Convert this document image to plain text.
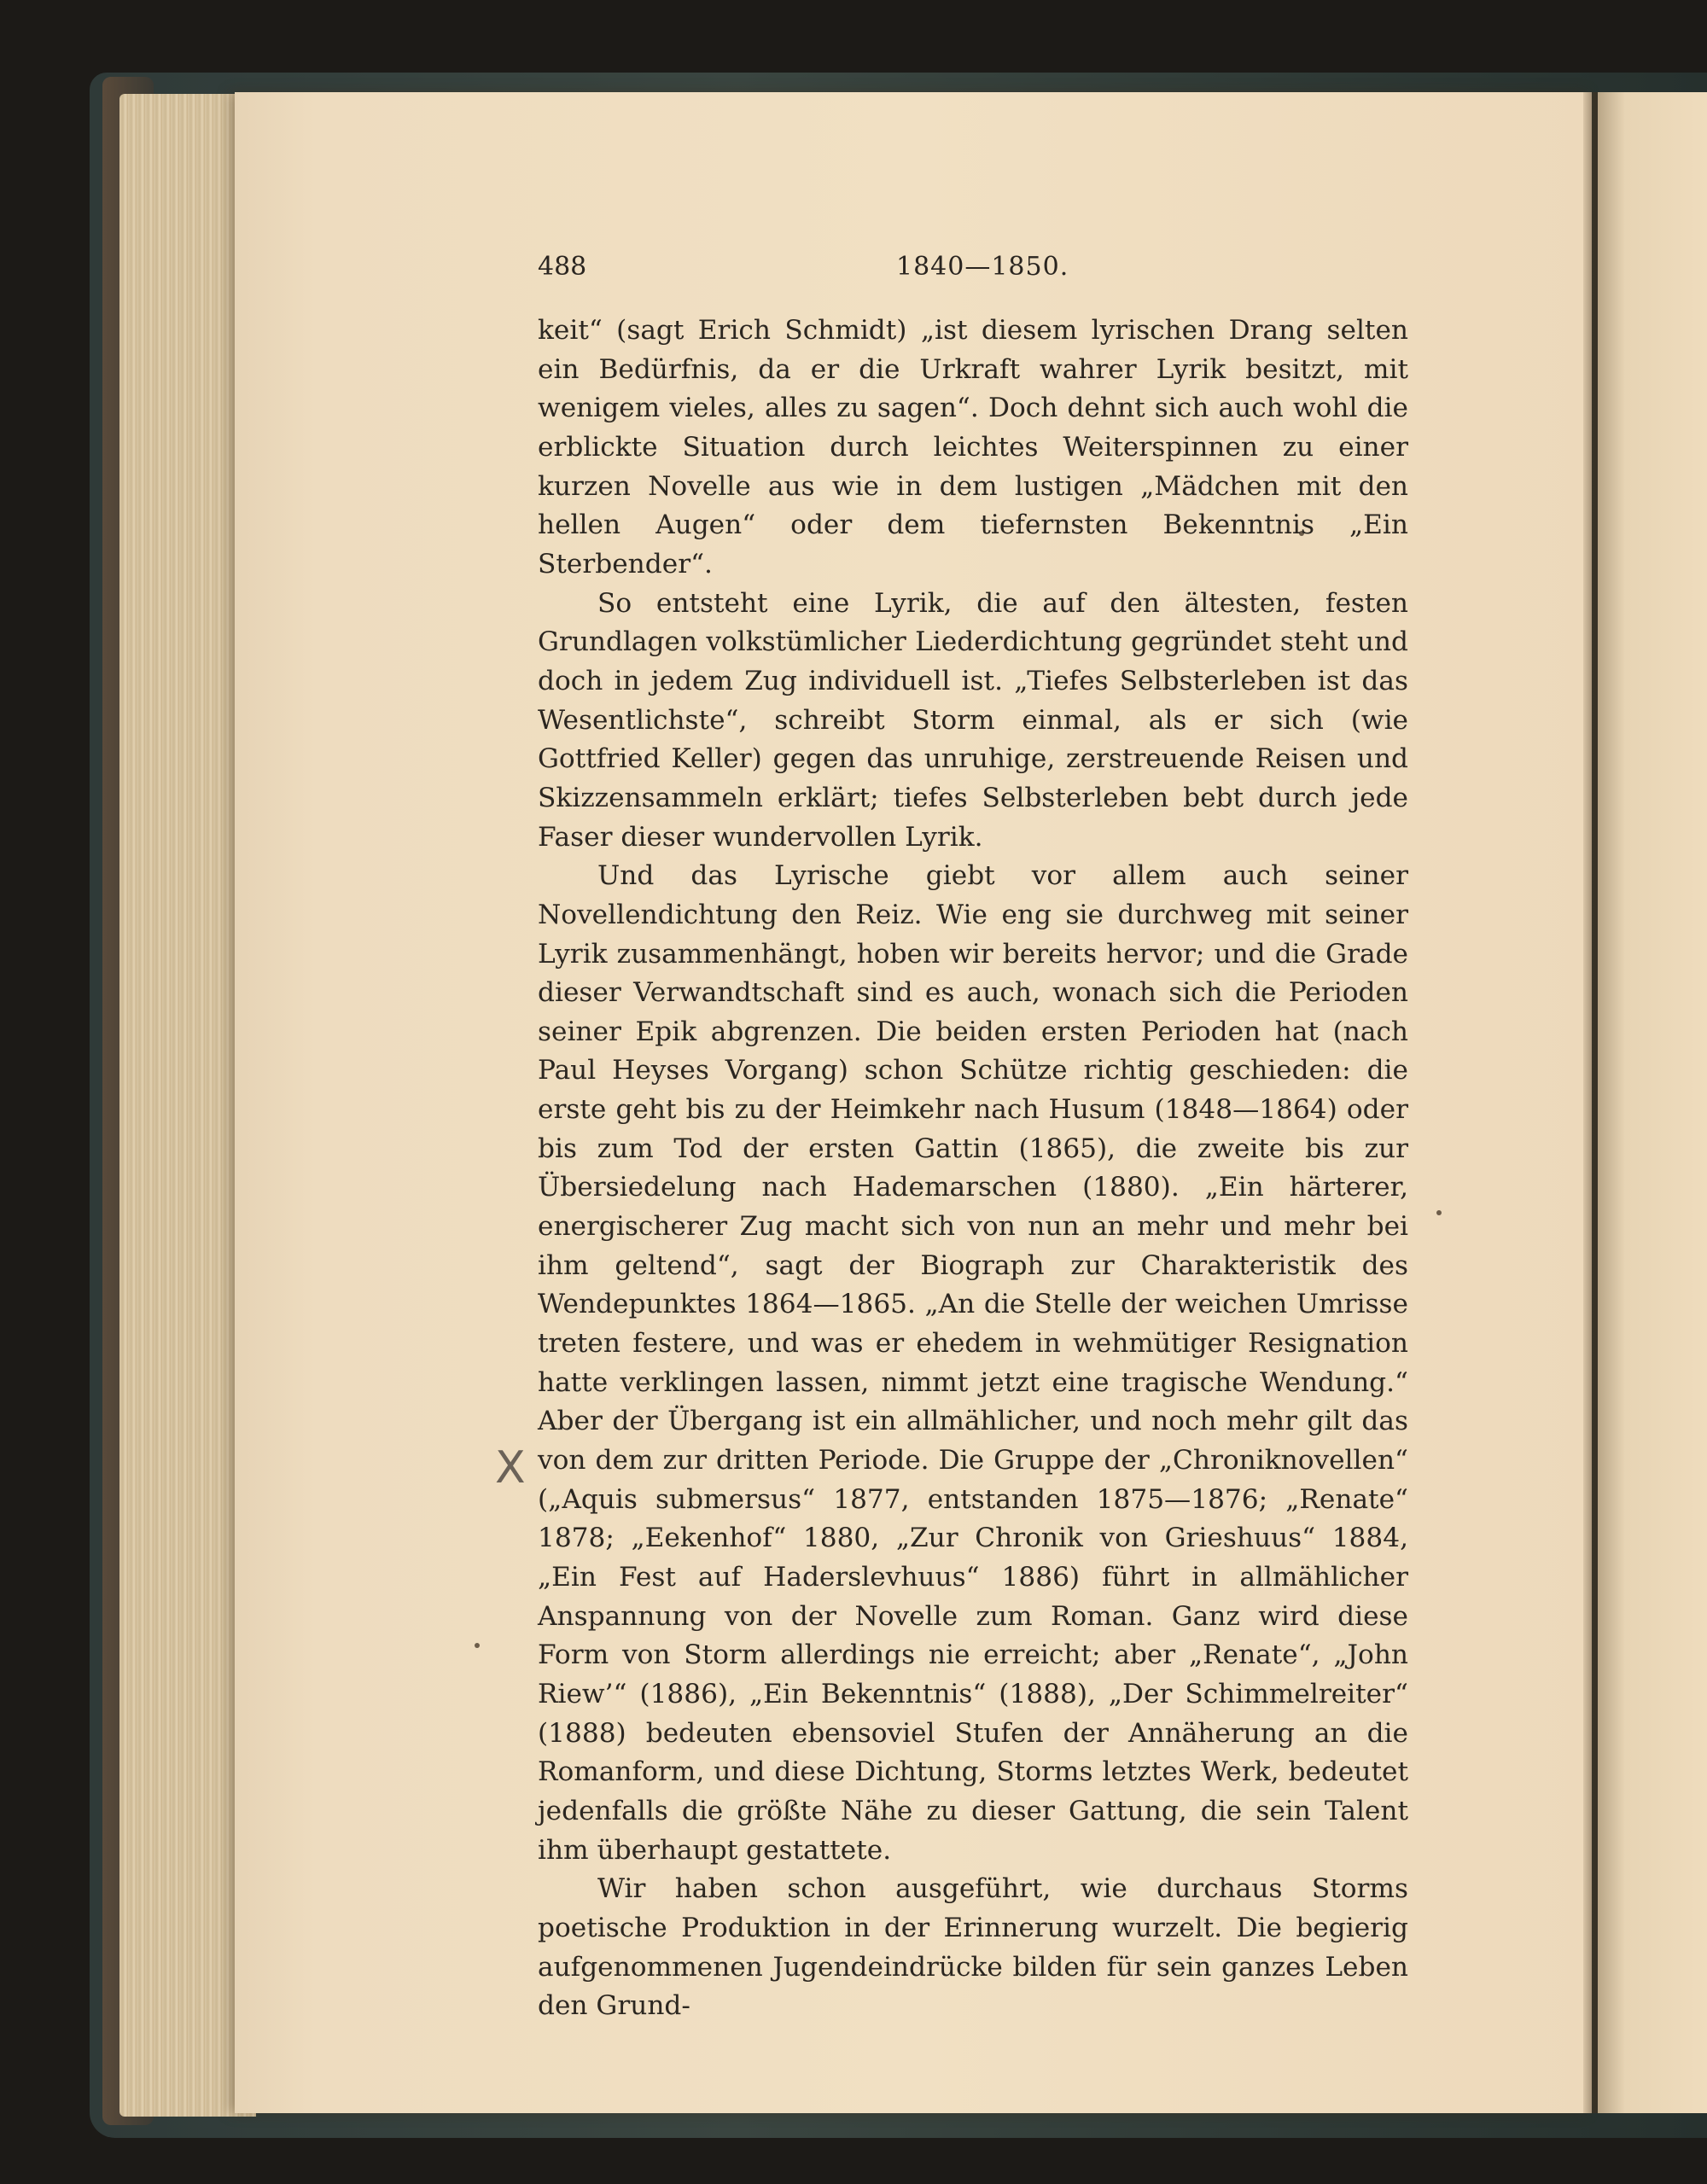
488	1840—1850.
X

keit“ (sagt Erich Schmidt) „ist diesem lyrischen Drang selten ein Bedürfnis, da er die Urkraft wahrer Lyrik besitzt, mit wenigem vieles, alles zu sagen“. Doch dehnt sich auch wohl die erblickte Situation durch leichtes Weiterspinnen zu einer kurzen Novelle aus wie in dem lustigen „Mädchen mit den hellen Augen“ oder dem tiefernsten Bekenntnis „Ein Sterbender“.

So entsteht eine Lyrik, die auf den ältesten, festen Grundlagen volkstümlicher Liederdichtung gegründet steht und doch in jedem Zug individuell ist. „Tiefes Selbsterleben ist das Wesentlichste“, schreibt Storm einmal, als er sich (wie Gottfried Keller) gegen das unruhige, zerstreuende Reisen und Skizzensammeln erklärt; tiefes Selbsterleben bebt durch jede Faser dieser wundervollen Lyrik.

Und das Lyrische giebt vor allem auch seiner Novellendichtung den Reiz. Wie eng sie durchweg mit seiner Lyrik zusammenhängt, hoben wir bereits hervor; und die Grade dieser Verwandtschaft sind es auch, wonach sich die Perioden seiner Epik abgrenzen. Die beiden ersten Perioden hat (nach Paul Heyses Vorgang) schon Schütze richtig geschieden: die erste geht bis zu der Heimkehr nach Husum (1848—1864) oder bis zum Tod der ersten Gattin (1865), die zweite bis zur Übersiedelung nach Hademarschen (1880). „Ein härterer, energischerer Zug macht sich von nun an mehr und mehr bei ihm geltend“, sagt der Biograph zur Charakteristik des Wendepunktes 1864—1865. „An die Stelle der weichen Umrisse treten festere, und was er ehedem in wehmütiger Resignation hatte verklingen lassen, nimmt jetzt eine tragische Wendung.“ Aber der Übergang ist ein allmählicher, und noch mehr gilt das von dem zur dritten Periode. Die Gruppe der „Chroniknovellen“ („Aquis submersus“ 1877, entstanden 1875—1876; „Renate“ 1878; „Eekenhof“ 1880, „Zur Chronik von Grieshuus“ 1884, „Ein Fest auf Haderslevhuus“ 1886) führt in allmählicher Anspannung von der Novelle zum Roman. Ganz wird diese Form von Storm allerdings nie erreicht; aber „Renate“, „John Riew’“ (1886), „Ein Bekenntnis“ (1888), „Der Schimmelreiter“ (1888) bedeuten ebensoviel Stufen der Annäherung an die Romanform, und diese Dichtung, Storms letztes Werk, bedeutet jedenfalls die größte Nähe zu dieser Gattung, die sein Talent ihm überhaupt gestattete.

Wir haben schon ausgeführt, wie durchaus Storms poetische Produktion in der Erinnerung wurzelt. Die begierig aufgenommenen Jugendeindrücke bilden für sein ganzes Leben den Grund-
